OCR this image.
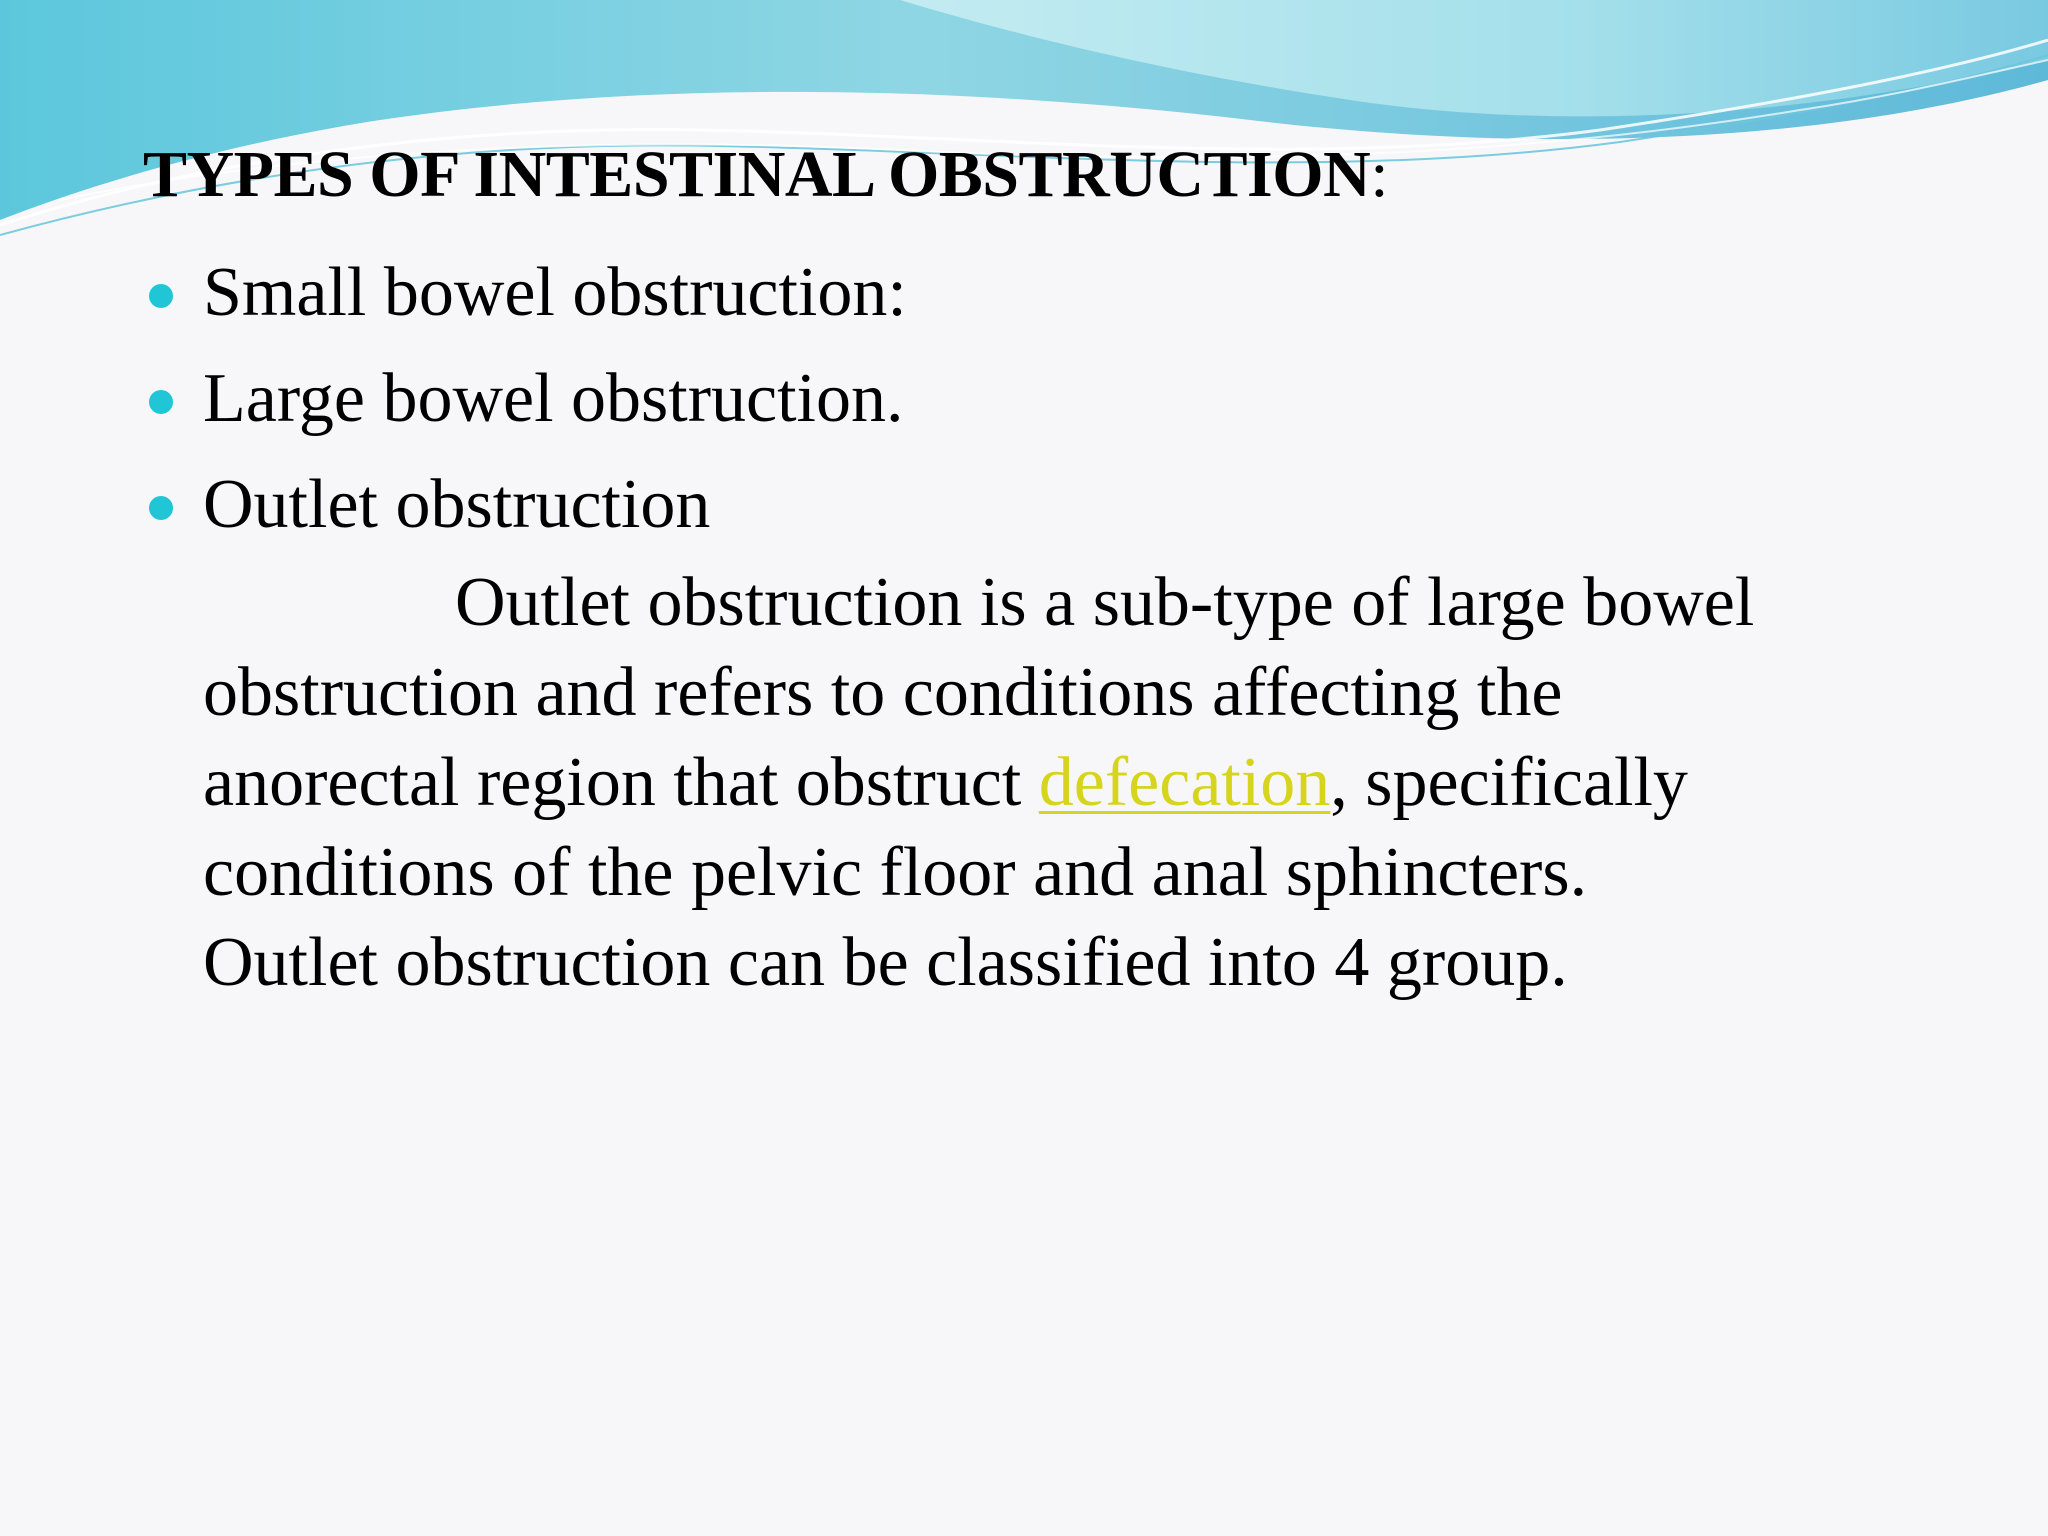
TYPES OF INTESTINAL OBSTRUCTION:
Small bowel obstruction:
Large bowel obstruction.
Outlet obstruction
Outlet obstruction is a sub-type of large bowel
obstruction and refers to conditions affecting the
anorectal region that obstruct defecation, specifically
conditions of the pelvic floor and anal sphincters.
Outlet obstruction can be classified into 4 group.
